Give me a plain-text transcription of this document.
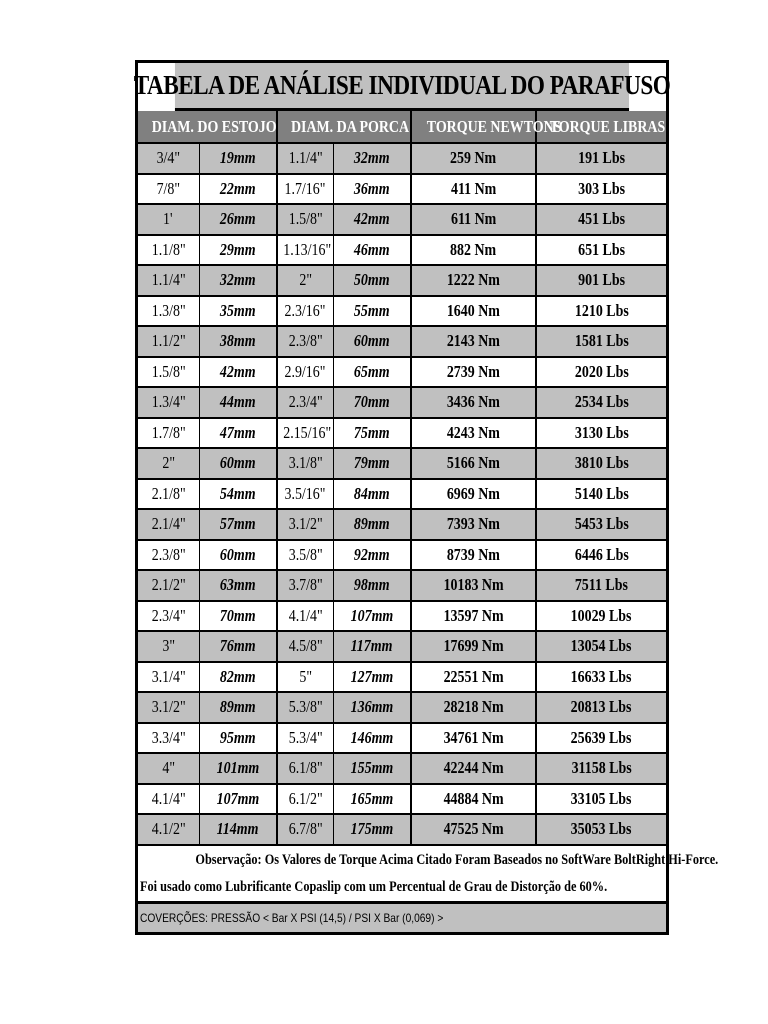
TABELA DE ANÁLISE INDIVIDUAL DO PARAFUSO
DIAM. DO ESTOJO		DIAM. DA PORCA		TORQUE NEWTONS	TORQUE LIBRAS
3/4"	19mm	1.1/4"	32mm	259 Nm	191 Lbs
7/8"	22mm	1.7/16"	36mm	411 Nm	303 Lbs
1'	26mm	1.5/8"	42mm	611 Nm	451 Lbs
1.1/8"	29mm	1.13/16"	46mm	882 Nm	651 Lbs
1.1/4"	32mm	2"	50mm	1222 Nm	901 Lbs
1.3/8"	35mm	2.3/16"	55mm	1640 Nm	1210 Lbs
1.1/2"	38mm	2.3/8"	60mm	2143 Nm	1581 Lbs
1.5/8"	42mm	2.9/16"	65mm	2739 Nm	2020 Lbs
1.3/4"	44mm	2.3/4"	70mm	3436 Nm	2534 Lbs
1.7/8"	47mm	2.15/16"	75mm	4243 Nm	3130 Lbs
2"	60mm	3.1/8"	79mm	5166 Nm	3810 Lbs
2.1/8"	54mm	3.5/16"	84mm	6969 Nm	5140 Lbs
2.1/4"	57mm	3.1/2"	89mm	7393 Nm	5453 Lbs
2.3/8"	60mm	3.5/8"	92mm	8739 Nm	6446 Lbs
2.1/2"	63mm	3.7/8"	98mm	10183 Nm	7511 Lbs
2.3/4"	70mm	4.1/4"	107mm	13597 Nm	10029 Lbs
3"	76mm	4.5/8"	117mm	17699 Nm	13054 Lbs
3.1/4"	82mm	5"	127mm	22551 Nm	16633 Lbs
3.1/2"	89mm	5.3/8"	136mm	28218 Nm	20813 Lbs
3.3/4"	95mm	5.3/4"	146mm	34761 Nm	25639 Lbs
4"	101mm	6.1/8"	155mm	42244 Nm	31158 Lbs
4.1/4"	107mm	6.1/2"	165mm	44884 Nm	33105 Lbs
4.1/2"	114mm	6.7/8"	175mm	47525 Nm	35053 Lbs
Observação: Os Valores de Torque Acima Citado Foram Baseados no SoftWare BoltRight Hi-Force.
Foi usado como Lubrificante Copaslip com um Percentual de Grau de Distorção de 60%.
COVERÇÕES: PRESSÃO < Bar X PSI (14,5) / PSI X Bar (0,069) >
